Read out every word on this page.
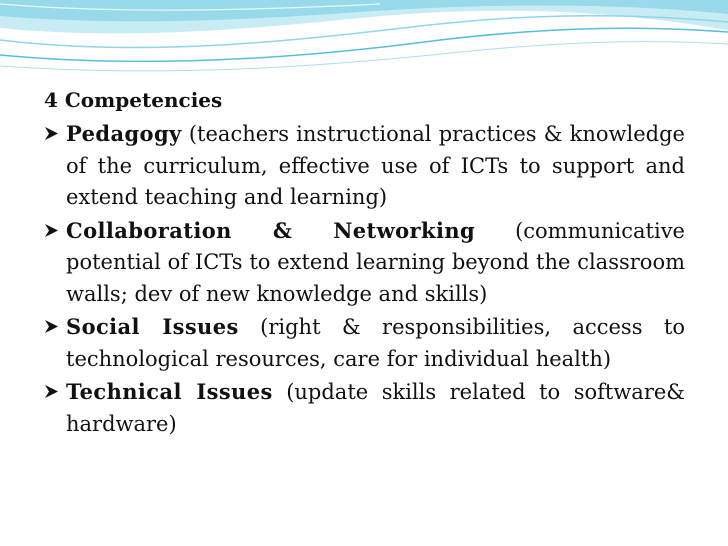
4 Competencies
Pedagogy (teachers instructional practices & knowledge of the curriculum, effective use of ICTs to support and extend teaching and learning)
Collaboration & Networking (communicative potential of ICTs to extend learning beyond the classroom walls; dev of new knowledge and skills)
Social Issues (right & responsibilities, access to technological resources, care for individual health)
Technical Issues (update skills related to software& hardware)
